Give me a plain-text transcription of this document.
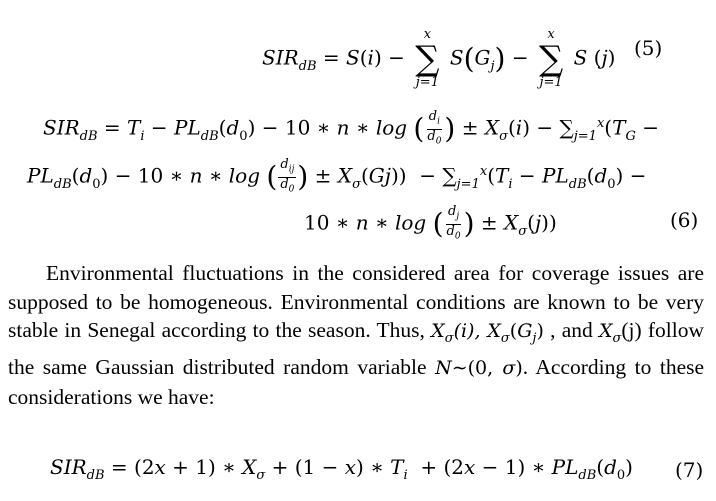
$SIR_{dB} = S(i)$ −
x
∑
j=1
$S(G_j)$ −
x
∑
j=1
S (j) (5)
$SIR_{dB} = T_i - PL_{dB}(d_0) - 10$ ∗ n ∗ log ( $\frac{d_i}{d_0}$ ) ± $X_\sigma(i) - \sum_{j=1}^x(T_G$ −
$PL_{dB}(d_0) - 10$ ∗ n ∗ log ( $\frac{d_{ij}}{d_0}$ ) ± $X_\sigma(Gj)) - \sum_{j=1}^x(T_i - PL_{dB}(d_0)$ −
10 ∗ n ∗ log ( $\frac{d_j}{d_0}$ ) ± $X_\sigma(j)$)	(6)

Environmental fluctuations in the considered area for coverage issues are supposed to be homogeneous. Environmental conditions are known to be very stable in Senegal according to the season. Thus, $X_\sigma(i)$, $X_\sigma(G_j)$ , and $X_\sigma(j)$ follow the same Gaussian distributed random variable N∼(0, σ). According to these considerations we have:

$SIR_{dB} = (2x + 1)$ ∗ $X_\sigma + (1 - x)$ ∗ $T_i + (2x - 1)$ ∗ $PL_{dB}(d_0)$ (7)
